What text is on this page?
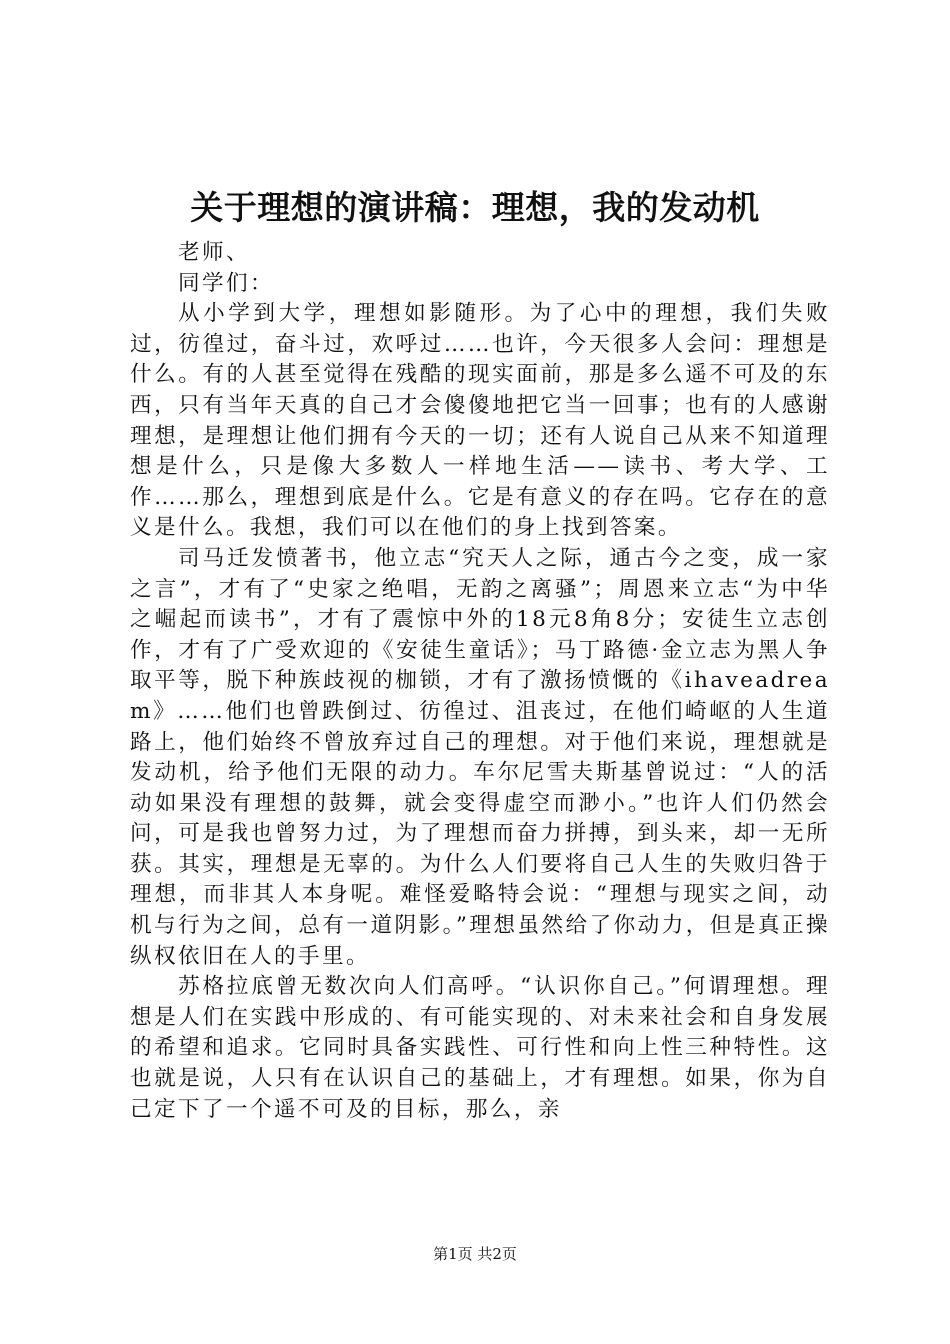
关于理想的演讲稿：理想，我的发动机

老师、

同学们：

从小学到大学，理想如影随形。为了心中的理想，我们失败过，彷徨过，奋斗过，欢呼过……也许，今天很多人会问：理想是什么。有的人甚至觉得在残酷的现实面前，那是多么遥不可及的东西，只有当年天真的自己才会傻傻地把它当一回事；也有的人感谢理想，是理想让他们拥有今天的一切；还有人说自己从来不知道理想是什么，只是像大多数人一样地生活——读书、考大学、工作……那么，理想到底是什么。它是有意义的存在吗。它存在的意义是什么。我想，我们可以在他们的身上找到答案。

司马迁发愤著书，他立志“究天人之际，通古今之变，成一家之言”，才有了“史家之绝唱，无韵之离骚”；周恩来立志“为中华之崛起而读书”，才有了震惊中外的18元8角8分；安徒生立志创作，才有了广受欢迎的《安徒生童话》；马丁路德·金立志为黑人争取平等，脱下种族歧视的枷锁，才有了激扬愤慨的《ihaveadream》……他们也曾跌倒过、彷徨过、沮丧过，在他们崎岖的人生道路上，他们始终不曾放弃过自己的理想。对于他们来说，理想就是发动机，给予他们无限的动力。车尔尼雪夫斯基曾说过：“人的活动如果没有理想的鼓舞，就会变得虚空而渺小。”也许人们仍然会问，可是我也曾努力过，为了理想而奋力拼搏，到头来，却一无所获。其实，理想是无辜的。为什么人们要将自己人生的失败归咎于理想，而非其人本身呢。难怪爱略特会说：“理想与现实之间，动机与行为之间，总有一道阴影。”理想虽然给了你动力，但是真正操纵权依旧在人的手里。

苏格拉底曾无数次向人们高呼。“认识你自己。”何谓理想。理想是人们在实践中形成的、有可能实现的、对未来社会和自身发展的希望和追求。它同时具备实践性、可行性和向上性三种特性。这也就是说，人只有在认识自己的基础上，才有理想。如果，你为自己定下了一个遥不可及的目标，那么，亲

第1页 共2页
